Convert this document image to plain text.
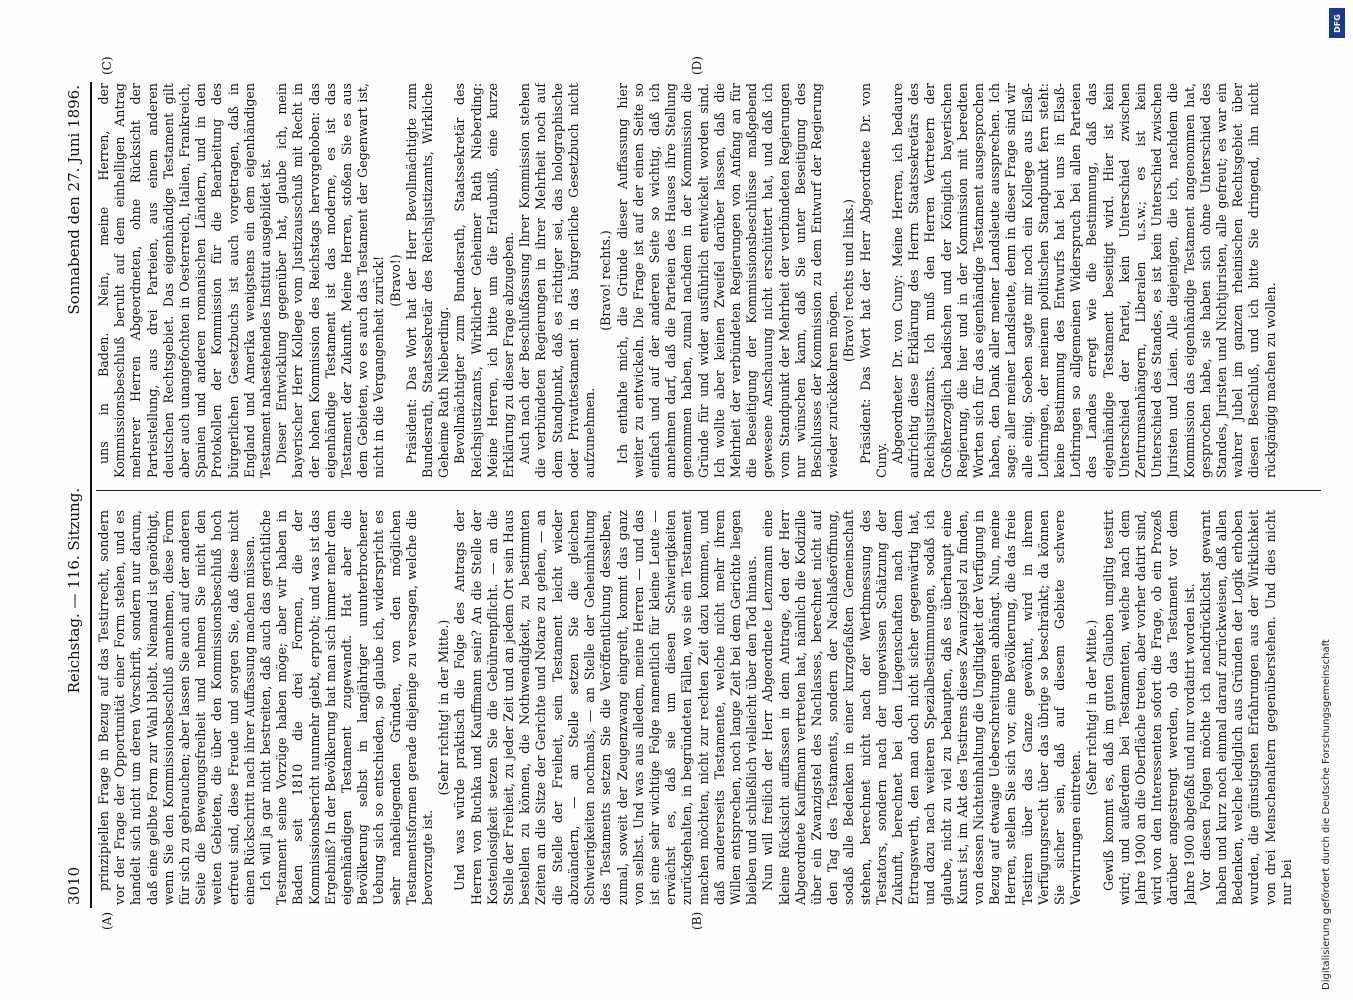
3010
Reichstag. — 116. Sitzung.
Sonnabend den 27. Juni 1896.
(A)	(B)
(C)	(D)

prinzipiellen Frage in Bezug auf das Testirrecht, sondern vor der Frage der Opportunität einer Form stehen, und es handelt sich nicht um deren Vorschrift, sondern nur darum, daß eine gelbte Form zur Wahl bleibt. Niemand ist genöthigt, wenn Sie den Kommissionsbeschluß annehmen, diese Form für sich zu gebrauchen; aber lassen Sie auch auf der anderen Seite die Bewegungsfreiheit und nehmen Sie nicht den weiten Gebieten, die über den Kommissionsbeschluß hoch erfreut sind, diese Freude und sorgen Sie, daß diese nicht einen Rückschritt nach ihrer Auffassung machen müssen. Ich will ja gar nicht bestreiten, daß auch das gerichtliche Testament seine Vorzüge haben möge; aber wir haben in Baden seit 1810 die drei Formen, die der Kommissionsbericht nunmehr giebt, erprobt; und was ist das Ergebniß? In der Bevölkerung hat man sich immer mehr dem eigenhändigen Testament zugewandt. Hat aber die Bevölkerung selbst in langjähriger ununterbrochener Uebung sich so entschieden, so glaube ich, widerspricht es sehr naheliegenden Gründen, von den möglichen Testamentsformen gerade diejenige zu versagen, welche die bevorzugte ist.

(Sehr richtig! in der Mitte.) Und was würde praktisch die Folge des Antrags der Herren von Buchka und Kauffmann sein? An die Stelle der Kostenlosigkeit setzen Sie die Gebührenpflicht. — an die Stelle der Freiheit, zu jeder Zeit und an jedem Ort sein Haus bestellen zu können, die Nothwendigkeit, zu bestimmten Zeiten an die Sitze der Gerichte und Notare zu gehen, — an die Stelle der Freiheit, sein Testament leicht wieder abzuändern, — an Stelle setzen Sie die gleichen Schwierigkeiten nochmals, — an Stelle der Geheimhaltung des Testaments setzen Sie die Veröffentlichung desselben, zumal, soweit der Zeugenzwang eingreift, kommt das ganz von selbst. Und was aus alledem, meine Herren — und das ist eine sehr wichtige Folge namentlich für kleine Leute — erwächst es, daß sie um diesen Schwierigkeiten zurückgehalten, in begründeten Fällen, wo sie ein Testament machen möchten, nicht zur rechten Zeit dazu kommen, und daß andererseits Testamente, welche nicht mehr ihrem Willen entsprechen, noch lange Zeit bei dem Gerichte liegen bleiben und schließlich vielleicht über den Tod hinaus. Nun will freilich der Herr Abgeordnete Lenzmann eine kleine Rücksicht auffassen in dem Antrage, den der Herr Abgeordnete Kauffmann vertreten hat, nämlich die Kodizille über ein Zwanzigstel des Nachlasses, berechnet nicht auf den Tag des Testaments, sondern der Nachlaßeröffnung, sodaß alle Bedenken in einer kurzgefaßten Gemeinschaft stehen, berechnet nicht nach der Werthmessung des Testators, sondern nach der ungewissen Schätzung der Zukunft, berechnet bei den Liegenschaften nach dem Ertragswerth, den man doch nicht sicher gegenwärtig hat, und dazu nach weiteren Spezialbestimmungen, sodaß ich glaube, nicht zu viel zu behaupten, daß es überhaupt eine Kunst ist, im Akt des Testirens dieses Zwanzigstel zu finden, von dessen Nichteinhaltung die Ungiltigkeit der Verfügung in Bezug auf etwaige Ueberschreitungen abhängt. Nun, meine Herren, stellen Sie sich vor, eine Bevölkerung, die das freie Testiren über das Ganze gewöhnt, wird in ihrem Verfügungsrecht über das übrige so beschränkt; da können Sie sicher sein, daß auf diesem Gebiete schwere Verwirrungen eintreten.

(Sehr richtig! in der Mitte.) Gewiß kommt es, daß im guten Glauben ungiltig testirt wird; und außerdem bei Testamenten, welche nach dem Jahre 1900 an die Oberfläche treten, aber vorher datirt sind, wird von den Interessenten sofort die Frage, ob ein Prozeß darüber angestrengt werden, ob das Testament vor dem Jahre 1900 abgefaßt und nur vordatirt worden ist. Vor diesen Folgen möchte ich nachdrücklichst gewarnt haben und kurz noch einmal darauf zurückweisen, daß allen Bedenken, welche lediglich aus Gründen der Logik erhoben wurden, die günstigsten Erfahrungen aus der Wirklichkeit von drei Menschenaltern gegenüberstehen. Und dies nicht nur bei

uns in Baden. Nein, meine Herren, der Kommissionsbeschluß beruht auf dem einhelligen Antrag mehrerer Herren Abgeordneten, ohne Rücksicht der Parteistellung, aus drei Parteien, aus einem anderen deutschen Rechtsgebiet. Das eigenhändige Testament gilt aber auch unangefochten in Oesterreich, Italien, Frankreich, Spanien und anderen romanischen Ländern, und in den Protokollen der Kommission für die Bearbeitung des bürgerlichen Gesetzbuchs ist auch vorgetragen, daß in England und Amerika wenigstens ein dem eigenhändigen Testament nahestehendes Institut ausgebildet ist. Dieser Entwicklung gegenüber hat, glaube ich, mein bayerischer Herr Kollege vom Justizausschuß mit Recht in der hohen Kommission des Reichstags hervorgehoben: das eigenhändige Testament ist das moderne, es ist das Testament der Zukunft. Meine Herren, stoßen Sie es aus dem Gebieten, wo es auch das Testament der Gegenwart ist, nicht in die Vergangenheit zurück! (Bravo!) Präsident: Das Wort hat der Herr Bevollmächtigte zum Bundesrath, Staatssekretär des Reichsjustizamts, Wirkliche Geheime Rath Nieberding. Bevollmächtigter zum Bundesrath, Staatssekretär des Reichsjustizamts, Wirklicher Geheimer Rath Nieberding: Meine Herren, ich bitte um die Erlaubniß, eine kurze Erklärung zu dieser Frage abzugeben. Auch nach der Beschlußfassung Ihrer Kommission stehen die verbündeten Regierungen in ihrer Mehrheit noch auf dem Standpunkt, daß es richtiger sei, das holographische oder Privattestament in das bürgerliche Gesetzbuch nicht aufzunehmen.

(Bravo! rechts.) Ich enthalte mich, die Gründe dieser Auffassung hier weiter zu entwickeln. Die Frage ist auf der einen Seite so einfach und auf der anderen Seite so wichtig, daß ich annehmen darf, daß die Parteien des Hauses ihre Stellung genommen haben, zumal nachdem in der Kommission die Gründe für und wider ausführlich entwickelt worden sind. Ich wollte aber keinen Zweifel darüber lassen, daß die Mehrheit der verbündeten Regierungen von Anfang an für die Beseitigung der Kommissionsbeschlüsse maßgebend gewesene Anschauung nicht erschüttert hat, und daß ich vom Standpunkt der Mehrheit der verbündeten Regierungen nur wünschen kann, daß Sie unter Beseitigung des Beschlusses der Kommission zu dem Entwurf der Regierung wieder zurückkehren mögen.

(Bravo! rechts und links.) Präsident: Das Wort hat der Herr Abgeordnete Dr. von Cuny. Abgeordneter Dr. von Cuny: Meine Herren, ich bedaure aufrichtig diese Erklärung des Herrn Staatssekretärs des Reichsjustizamts. Ich muß den Herren Vertretern der Großherzoglich badischen und der Königlich bayerischen Regierung, die hier und in der Kommission mit beredten Worten sich für das eigenhändige Testament ausgesprochen haben, den Dank aller meiner Landsleute aussprechen. Ich sage: aller meiner Landsleute, denn in dieser Frage sind wir alle einig. Soeben sagte mir noch ein Kollege aus Elsaß-Lothringen, der meinem politischen Standpunkt fern steht: keine Bestimmung des Entwurfs hat bei uns in Elsaß-Lothringen so allgemeinen Widerspruch bei allen Parteien des Landes erregt wie die Bestimmung, daß das eigenhändige Testament beseitigt wird. Hier ist kein Unterschied der Partei, kein Unterschied zwischen Zentrumsanhängern, Liberalen u.s.w.; es ist kein Unterschied des Standes, es ist kein Unterschied zwischen Juristen und Laien. Alle diejenigen, die ich, nachdem die Kommission das eigenhändige Testament angenommen hat, gesprochen habe, sie haben sich ohne Unterschied des Standes, Juristen und Nichtjuristen, alle gefreut; es war ein wahrer Jubel im ganzen rheinischen Rechtsgebiet über diesen Beschluß, und ich bitte Sie dringend, ihn nicht rückgängig machen zu wollen.

DFG
Digitalisierung gefördert durch die Deutsche Forschungsgemeinschaft
